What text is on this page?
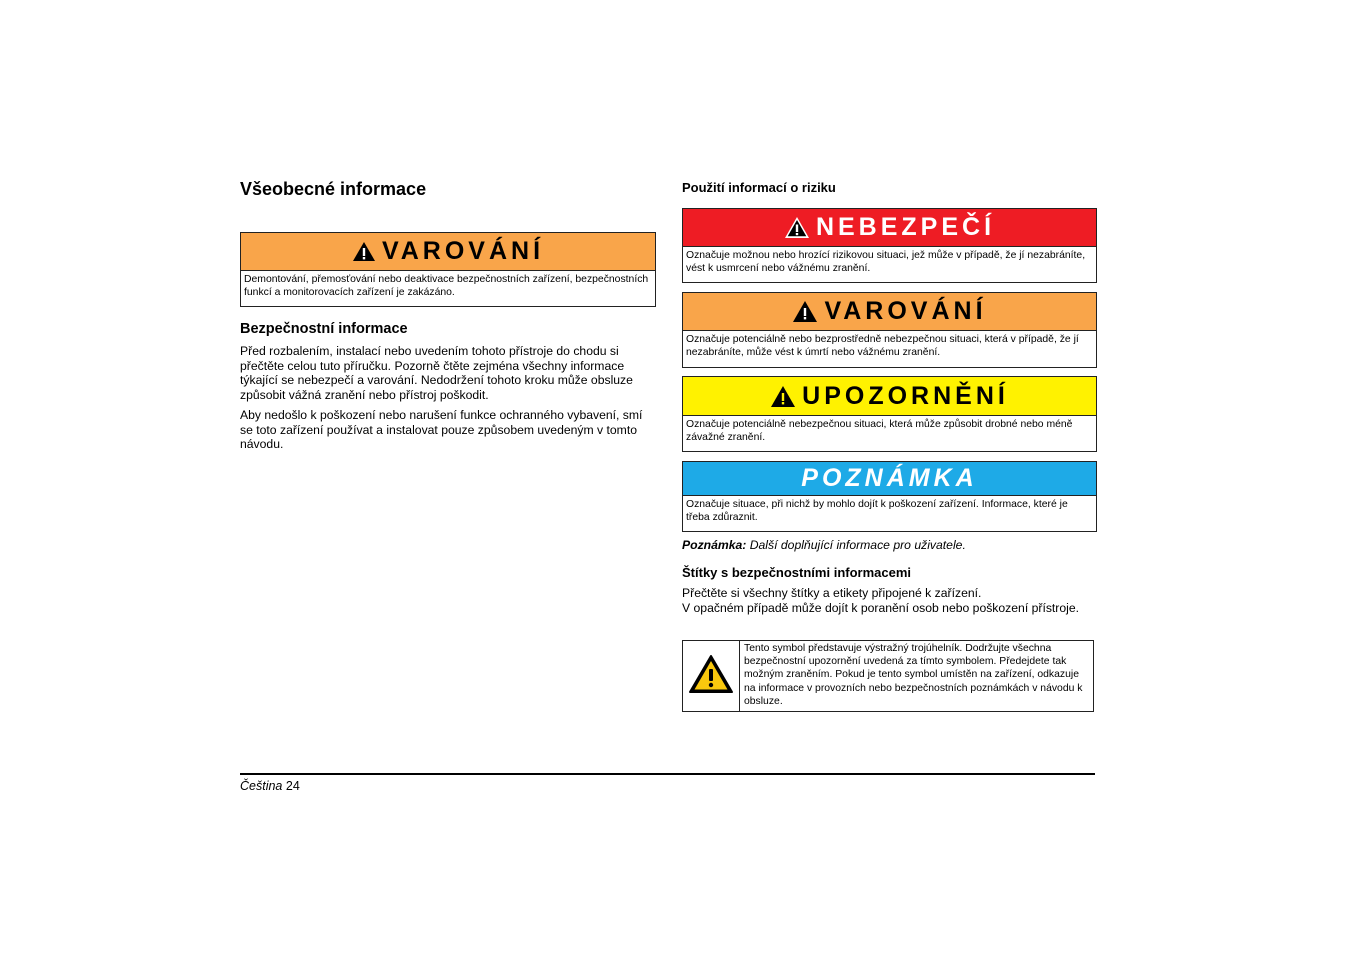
Všeobecné informace
VAROVÁNÍ
Demontování, přemosťování nebo deaktivace bezpečnostních zařízení, bezpečnostních funkcí a monitorovacích zařízení je zakázáno.
Bezpečnostní informace

Před rozbalením, instalací nebo uvedením tohoto přístroje do chodu si přečtěte celou tuto příručku. Pozorně čtěte zejména všechny informace týkající se nebezpečí a varování. Nedodržení tohoto kroku může obsluze způsobit vážná zranění nebo přístroj poškodit.

Aby nedošlo k poškození nebo narušení funkce ochranného vybavení, smí se toto zařízení používat a instalovat pouze způsobem uvedeným v tomto návodu.

Použití informací o riziku
NEBEZPEČÍ
Označuje možnou nebo hrozící rizikovou situaci, jež může v případě, že jí nezabráníte, vést k usmrcení nebo vážnému zranění.
VAROVÁNÍ
Označuje potenciálně nebo bezprostředně nebezpečnou situaci, která v případě, že jí nezabráníte, může vést k úmrtí nebo vážnému zranění.
UPOZORNĚNÍ
Označuje potenciálně nebezpečnou situaci, která může způsobit drobné nebo méně závažné zranění.
POZNÁMKA
Označuje situace, při nichž by mohlo dojít k poškození zařízení. Informace, které je třeba zdůraznit.
Poznámka: Další doplňující informace pro uživatele.
Štítky s bezpečnostními informacemi

Přečtěte si všechny štítky a etikety připojené k zařízení.

V opačném případě může dojít k poranění osob nebo poškození přístroje.

Tento symbol představuje výstražný trojúhelník. Dodržujte všechna bezpečnostní upozornění uvedená za tímto symbolem. Předejdete tak možným zraněním. Pokud je tento symbol umístěn na zařízení, odkazuje na informace v provozních nebo bezpečnostních poznámkách v návodu k obsluze.
Čeština 24
